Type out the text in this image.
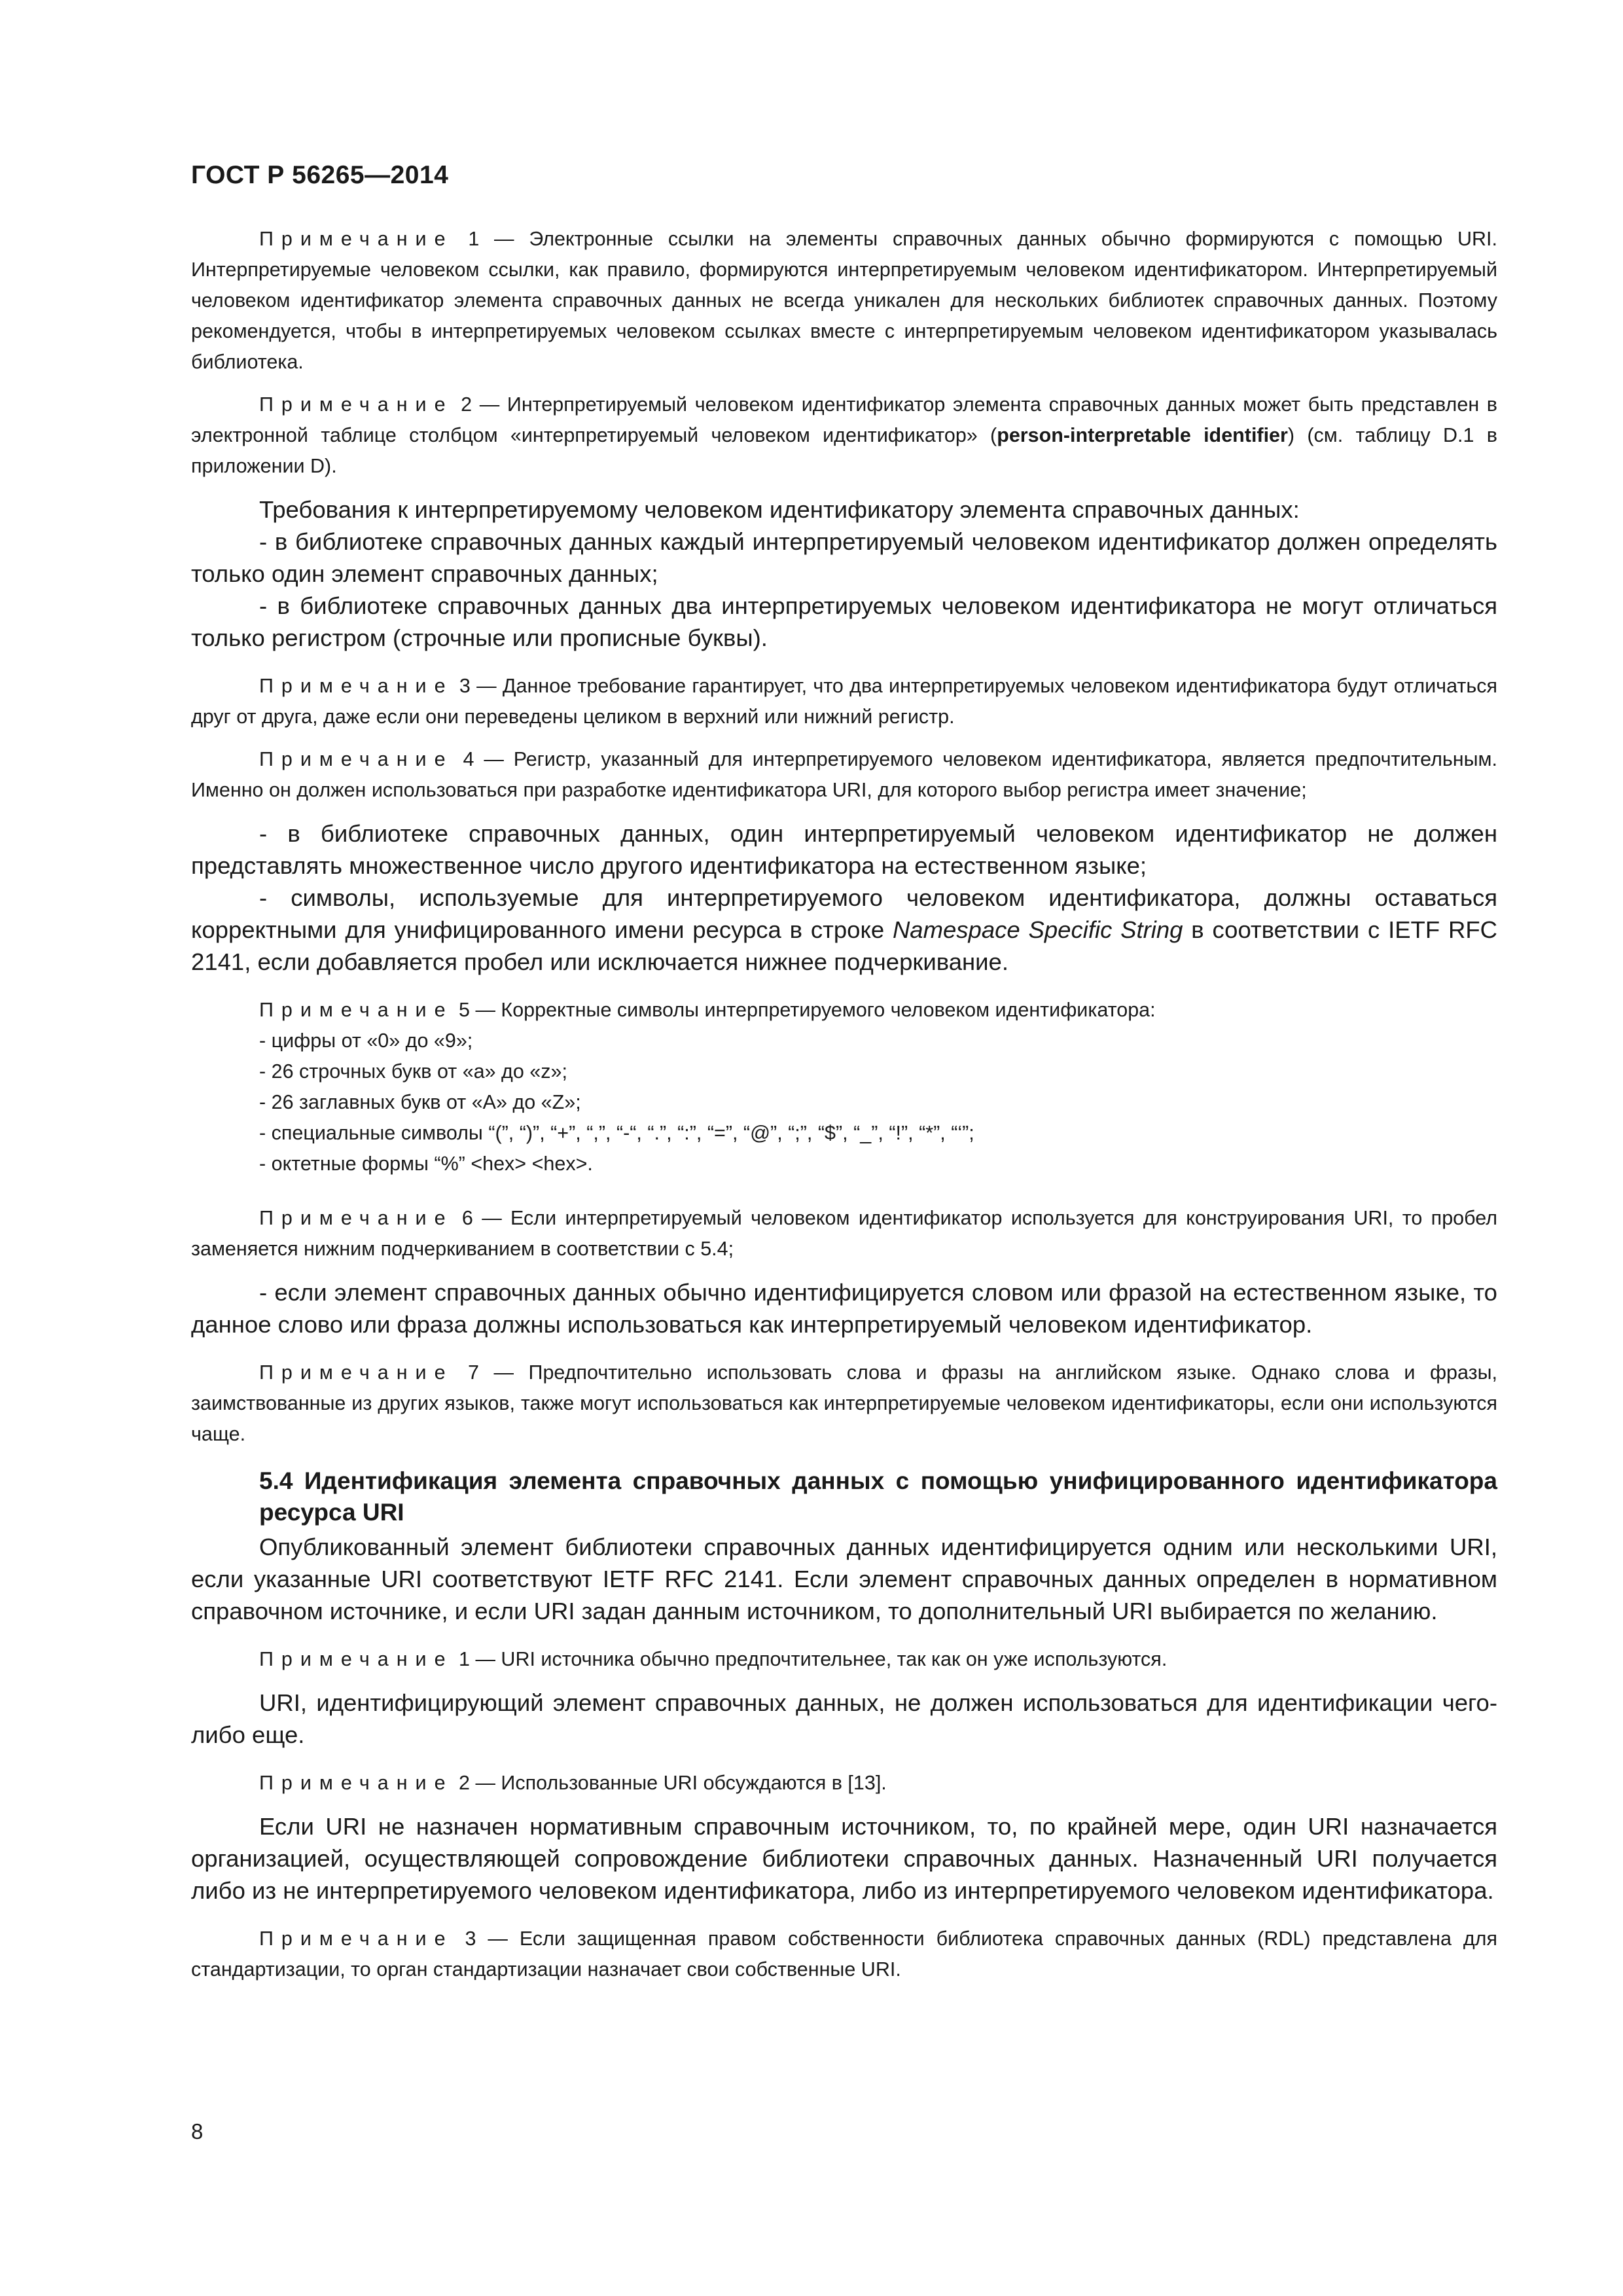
ГОСТ Р 56265—2014

Примечание 1 — Электронные ссылки на элементы справочных данных обычно формируются с помощью URI. Интерпретируемые человеком ссылки, как правило, формируются интерпретируемым человеком идентификатором. Интерпретируемый человеком идентификатор элемента справочных данных не всегда уникален для нескольких библиотек справочных данных. Поэтому рекомендуется, чтобы в интерпретируемых человеком ссылках вместе с интерпретируемым человеком идентификатором указывалась библиотека.

Примечание 2 — Интерпретируемый человеком идентификатор элемента справочных данных может быть представлен в электронной таблице столбцом «интерпретируемый человеком идентификатор» (person-interpretable identifier) (см. таблицу D.1 в приложении D).

Требования к интерпретируемому человеком идентификатору элемента справочных данных:

- в библиотеке справочных данных каждый интерпретируемый человеком идентификатор должен определять только один элемент справочных данных;

- в библиотеке справочных данных два интерпретируемых человеком идентификатора не могут отличаться только регистром (строчные или прописные буквы).

Примечание 3 — Данное требование гарантирует, что два интерпретируемых человеком идентификатора будут отличаться друг от друга, даже если они переведены целиком в верхний или нижний регистр.

Примечание 4 — Регистр, указанный для интерпретируемого человеком идентификатора, является предпочтительным. Именно он должен использоваться при разработке идентификатора URI, для которого выбор регистра имеет значение;

- в библиотеке справочных данных, один интерпретируемый человеком идентификатор не должен представлять множественное число другого идентификатора на естественном языке;

- символы, используемые для интерпретируемого человеком идентификатора, должны оставаться корректными для унифицированного имени ресурса в строке Namespace Specific String в соответствии с IETF RFC 2141, если добавляется пробел или исключается нижнее подчеркивание.

Примечание 5 — Корректные символы интерпретируемого человеком идентификатора:

- цифры от «0» до «9»;
- 26 строчных букв от «a» до «z»;
- 26 заглавных букв от «A» до «Z»;
- специальные символы “(”, “)”, “+”, “,”, “-“, “.”, “:”, “=”, “@”, “;”, “$”, “_”, “!”, “*”, “‘”;
- октетные формы “%” <hex> <hex>.

Примечание 6 — Если интерпретируемый человеком идентификатор используется для конструирования URI, то пробел заменяется нижним подчеркиванием в соответствии с 5.4;

- если элемент справочных данных обычно идентифицируется словом или фразой на естественном языке, то данное слово или фраза должны использоваться как интерпретируемый человеком идентификатор.

Примечание 7 — Предпочтительно использовать слова и фразы на английском языке. Однако слова и фразы, заимствованные из других языков, также могут использоваться как интерпретируемые человеком идентификаторы, если они используются чаще.

5.4 Идентификация элемента справочных данных с помощью унифицированного идентификатора ресурса URI

Опубликованный элемент библиотеки справочных данных идентифицируется одним или несколькими URI, если указанные URI соответствуют IETF RFC 2141. Если элемент справочных данных определен в нормативном справочном источнике, и если URI задан данным источником, то дополнительный URI выбирается по желанию.

Примечание 1 — URI источника обычно предпочтительнее, так как он уже используются.

URI, идентифицирующий элемент справочных данных, не должен использоваться для идентификации чего-либо еще.

Примечание 2 — Использованные URI обсуждаются в [13].

Если URI не назначен нормативным справочным источником, то, по крайней мере, один URI назначается организацией, осуществляющей сопровождение библиотеки справочных данных. Назначенный URI получается либо из не интерпретируемого человеком идентификатора, либо из интерпретируемого человеком идентификатора.

Примечание 3 — Если защищенная правом собственности библиотека справочных данных (RDL) представлена для стандартизации, то орган стандартизации назначает свои собственные URI.

8
